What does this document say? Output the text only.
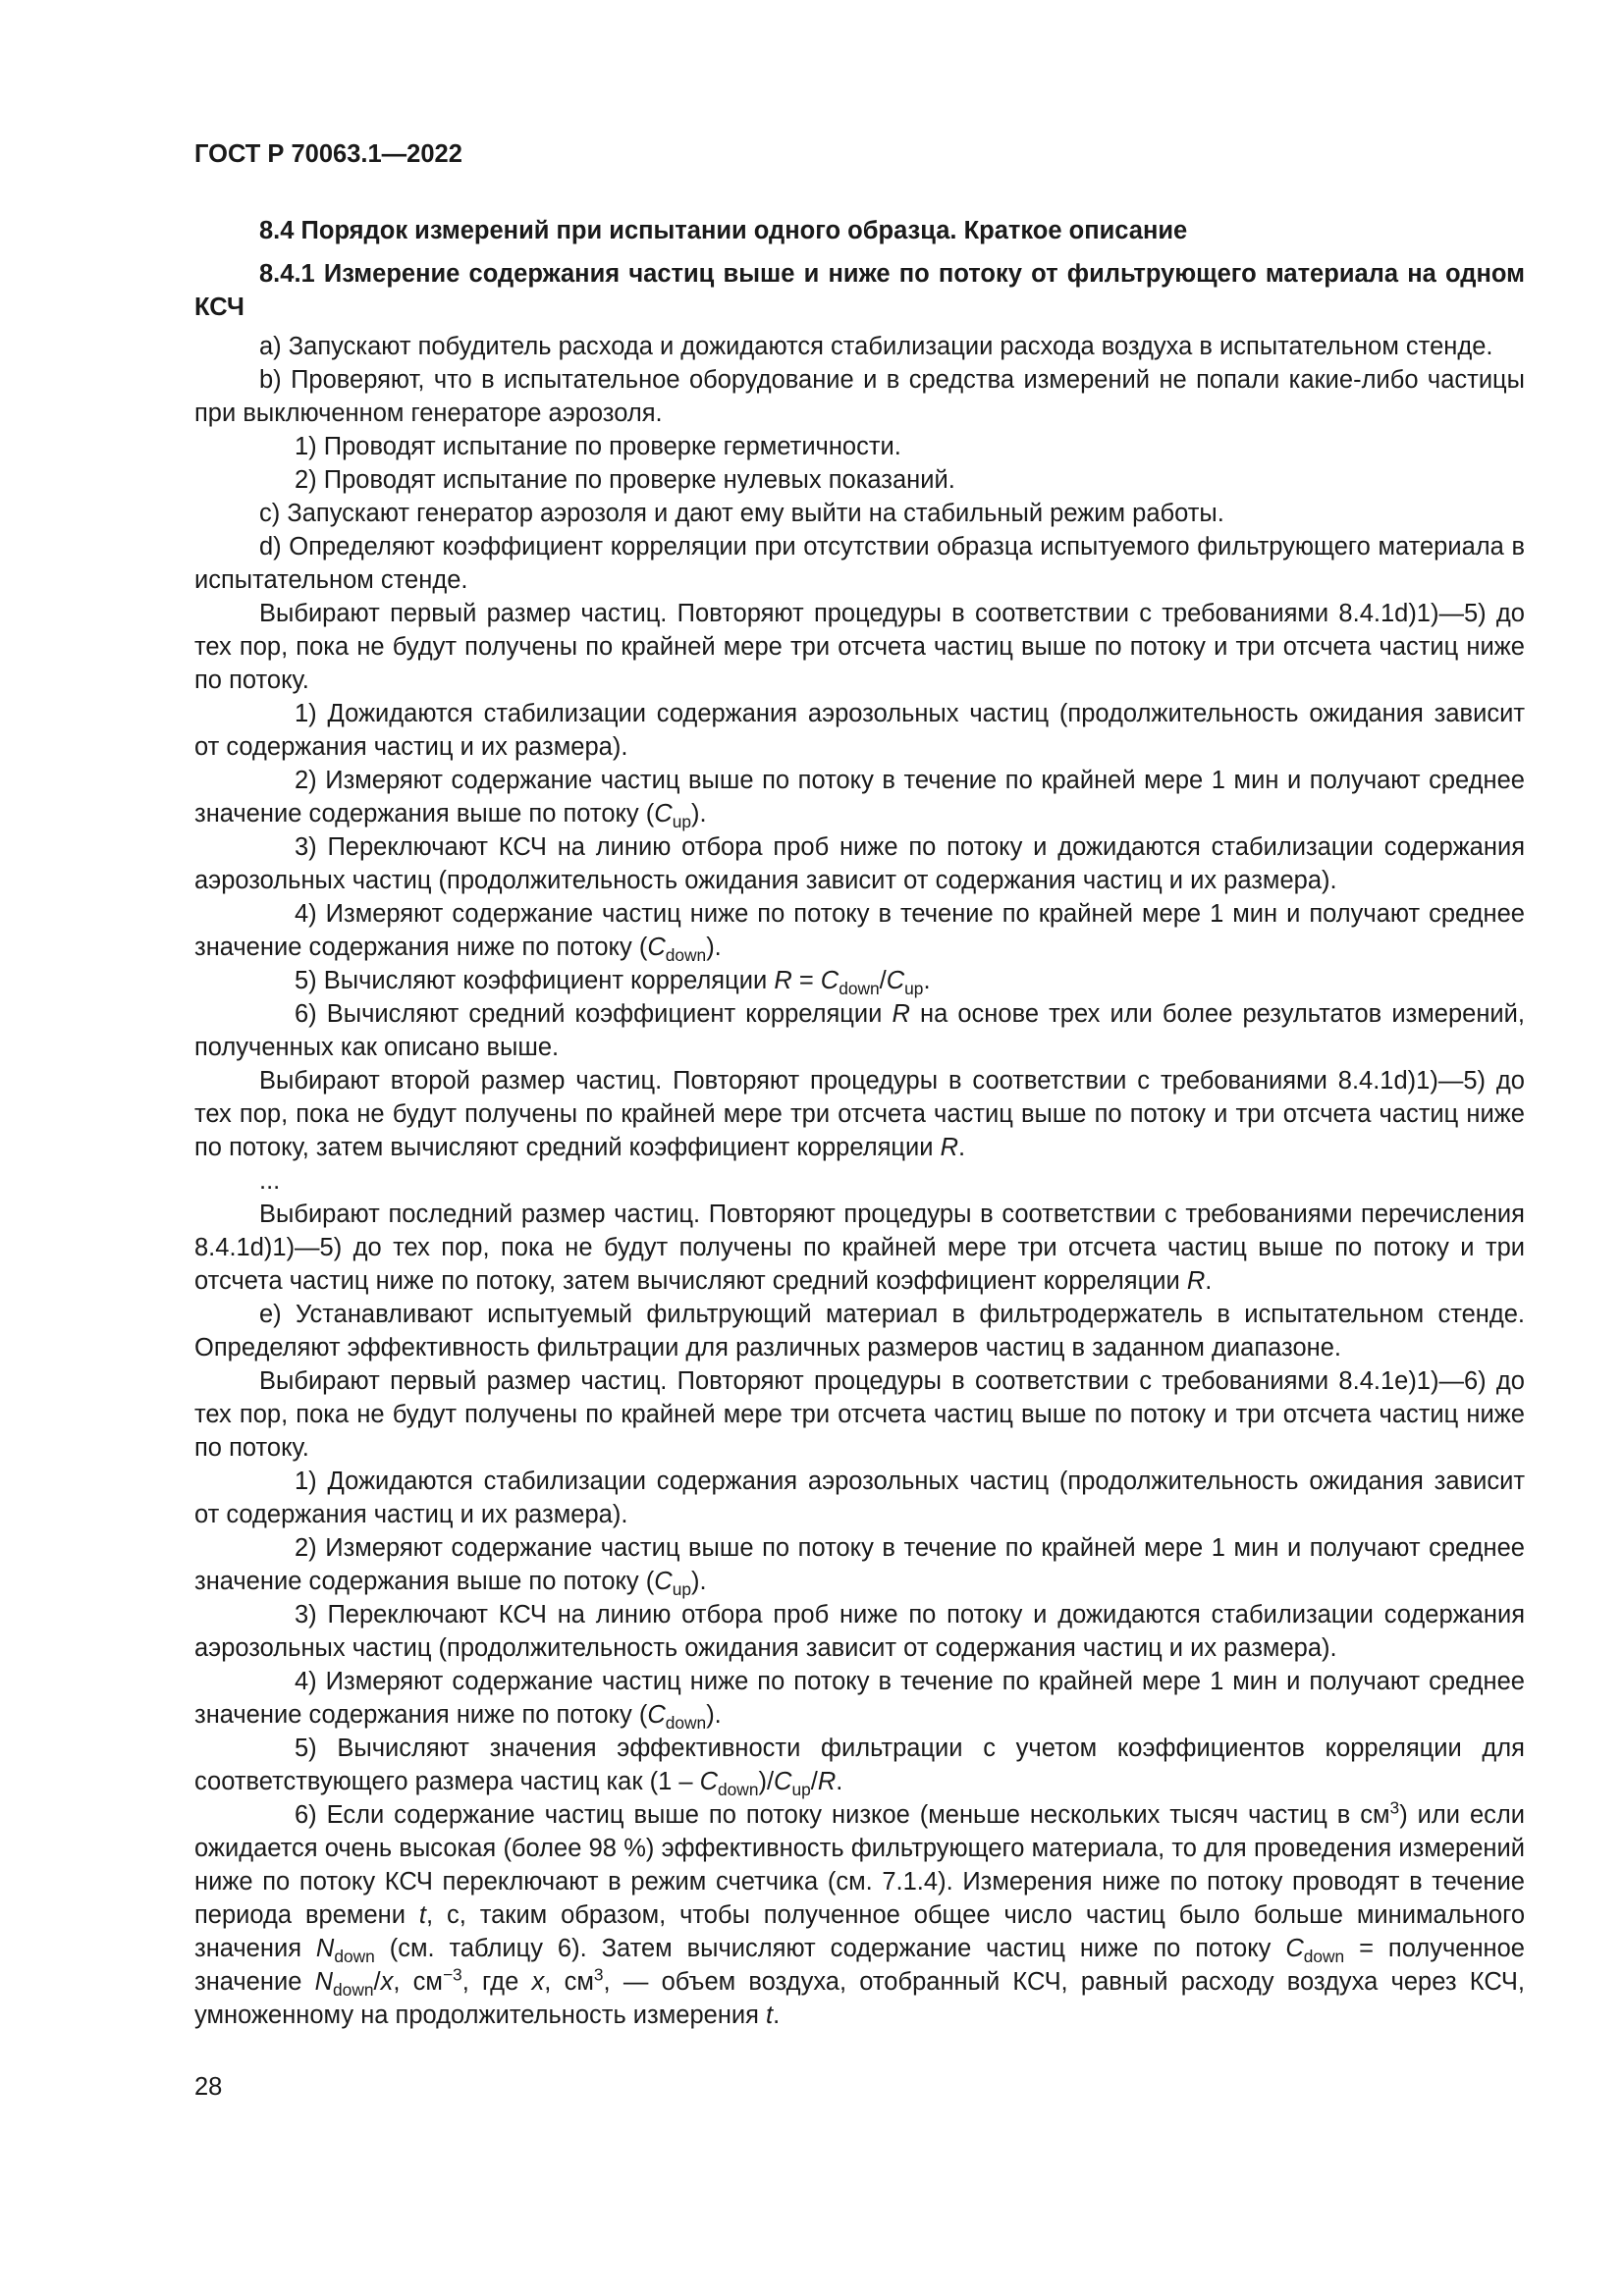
ГОСТ Р 70063.1—2022

8.4 Порядок измерений при испытании одного образца. Краткое описание

8.4.1 Измерение содержания частиц выше и ниже по потоку от фильтрующего материала на одном КСЧ

a) Запускают побудитель расхода и дожидаются стабилизации расхода воздуха в испытательном стенде.

b) Проверяют, что в испытательное оборудование и в средства измерений не попали какие-либо частицы при выключенном генераторе аэрозоля.

1) Проводят испытание по проверке герметичности.

2) Проводят испытание по проверке нулевых показаний.

c) Запускают генератор аэрозоля и дают ему выйти на стабильный режим работы.

d) Определяют коэффициент корреляции при отсутствии образца испытуемого фильтрующего материала в испытательном стенде.

Выбирают первый размер частиц. Повторяют процедуры в соответствии с требованиями 8.4.1d)1)—5) до тех пор, пока не будут получены по крайней мере три отсчета частиц выше по потоку и три отсчета частиц ниже по потоку.

1) Дожидаются стабилизации содержания аэрозольных частиц (продолжительность ожидания зависит от содержания частиц и их размера).

2) Измеряют содержание частиц выше по потоку в течение по крайней мере 1 мин и получают среднее значение содержания выше по потоку $(C_{up})$.

3) Переключают КСЧ на линию отбора проб ниже по потоку и дожидаются стабилизации содержания аэрозольных частиц (продолжительность ожидания зависит от содержания частиц и их размера).

4) Измеряют содержание частиц ниже по потоку в течение по крайней мере 1 мин и получают среднее значение содержания ниже по потоку $(C_{down})$.

5) Вычисляют коэффициент корреляции $R = C_{down}/C_{up}$.

6) Вычисляют средний коэффициент корреляции R на основе трех или более результатов измерений, полученных как описано выше.

Выбирают второй размер частиц. Повторяют процедуры в соответствии с требованиями 8.4.1d)1)—5) до тех пор, пока не будут получены по крайней мере три отсчета частиц выше по потоку и три отсчета частиц ниже по потоку, затем вычисляют средний коэффициент корреляции R.

...

Выбирают последний размер частиц. Повторяют процедуры в соответствии с требованиями перечисления 8.4.1d)1)—5) до тех пор, пока не будут получены по крайней мере три отсчета частиц выше по потоку и три отсчета частиц ниже по потоку, затем вычисляют средний коэффициент корреляции R.

e) Устанавливают испытуемый фильтрующий материал в фильтродержатель в испытательном стенде. Определяют эффективность фильтрации для различных размеров частиц в заданном диапазоне.

Выбирают первый размер частиц. Повторяют процедуры в соответствии с требованиями 8.4.1e)1)—6) до тех пор, пока не будут получены по крайней мере три отсчета частиц выше по потоку и три отсчета частиц ниже по потоку.

1) Дожидаются стабилизации содержания аэрозольных частиц (продолжительность ожидания зависит от содержания частиц и их размера).

2) Измеряют содержание частиц выше по потоку в течение по крайней мере 1 мин и получают среднее значение содержания выше по потоку $(C_{up})$.

3) Переключают КСЧ на линию отбора проб ниже по потоку и дожидаются стабилизации содержания аэрозольных частиц (продолжительность ожидания зависит от содержания частиц и их размера).

4) Измеряют содержание частиц ниже по потоку в течение по крайней мере 1 мин и получают среднее значение содержания ниже по потоку $(C_{down})$.

5) Вычисляют значения эффективности фильтрации с учетом коэффициентов корреляции для соответствующего размера частиц как $(1 - C_{down})/C_{up}/R$.

6) Если содержание частиц выше по потоку низкое (меньше нескольких тысяч частиц в $см^3$) или если ожидается очень высокая (более 98 %) эффективность фильтрующего материала, то для проведения измерений ниже по потоку КСЧ переключают в режим счетчика (см. 7.1.4). Измерения ниже по потоку проводят в течение периода времени t, с, таким образом, чтобы полученное общее число частиц было больше минимального значения $N_{down}$ (см. таблицу 6). Затем вычисляют содержание частиц ниже по потоку $C_{down}$ = полученное значение $N_{down}/x$, $см^{-3}$, где x, $см^3$, — объем воздуха, отобранный КСЧ, равный расходу воздуха через КСЧ, умноженному на продолжительность измерения t.

28
